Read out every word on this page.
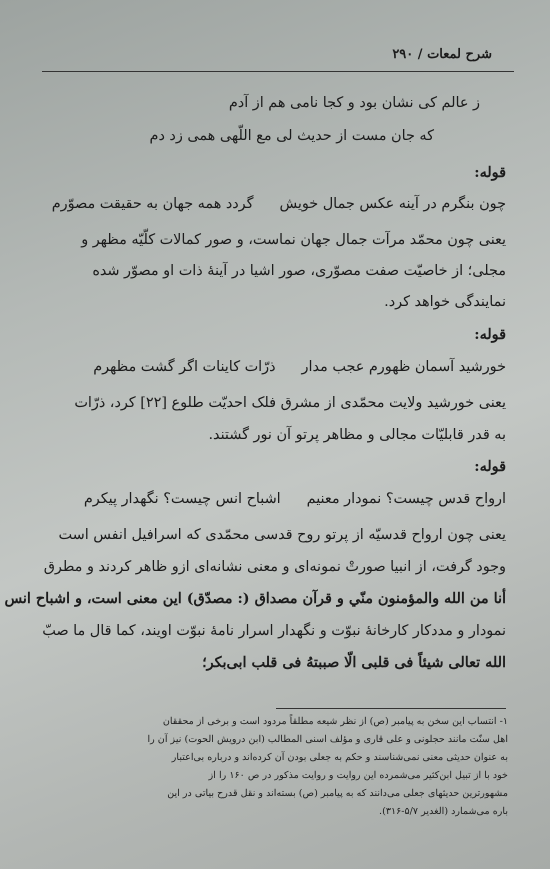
شرح لمعات / ۲۹۰
ز عالم کی نشان بود و کجا نامی هم از آدم
که جان مست از حدیث لی مع اللّهی همی زد دم
قوله:
چون بنگرم در آینه عکس جمال خویشگردد همه جهان به حقیقت مصوّرم
یعنی چون محمّد مرآت جمال جهان نماست، و صور کمالات کلّیّه مظهر و
مجلی؛ از خاصیّت صفت مصوّری، صور اشیا در آینهٔ ذات او مصوّر شده
نمایندگی خواهد کرد.
قوله:
خورشید آسمان ظهورم عجب مدارذرّات کاینات اگر گشت مظهرم
یعنی خورشید ولایت محمّدی از مشرق فلک احدیّت طلوع [۲۲] کرد، ذرّات
به قدر قابلیّات مجالی و مظاهر پرتو آن نور گشتند.
قوله:
ارواح قدس چیست؟ نمودار معنیماشباح انس چیست؟ نگهدار پیکرم
یعنی چون ارواح قدسیّه از پرتو روح قدسی محمّدی که اسرافیل انفس است
وجود گرفت، از انبیا صورتْ نمونه‌ای و معنی نشانه‌ای ازو ظاهر کردند و مطرق
أنا من الله والمؤمنون منّي و قرآن مصداق (: مصدّق) این معنی است، و اشباح انس
نمودار و مددکار کارخانهٔ نبوّت و نگهدار اسرار نامهٔ نبوّت اویند، کما قال ما صبّ
الله تعالی شیئاً فی قلبی الّا صببتهُ فی قلب ابی‌بکر؛
۱- انتساب این سخن به پیامبر (ص) از نظر شیعه مطلقاً مردود است و برخی از محققان
اهل سنّت مانند حجلونی و علی قاری و مؤلف اسنی المطالب (ابن درویش الحوت) نیز آن را
به عنوان حدیثی معنی نمی‌شناسند و حکم به جعلی بودن آن کرده‌اند و درباره بی‌اعتبار
خود با از تبیل ابن‌کثیر می‌شمرده این روایت و روایت مذکور در ص ۱۶۰ را از
مشهورترین حدیثهای جعلی می‌دانند که به پیامبر (ص) بسته‌اند و نقل قدرح بیاتی در این
باره می‌شمارد (الغدیر ۵/۷-۳۱۶).
